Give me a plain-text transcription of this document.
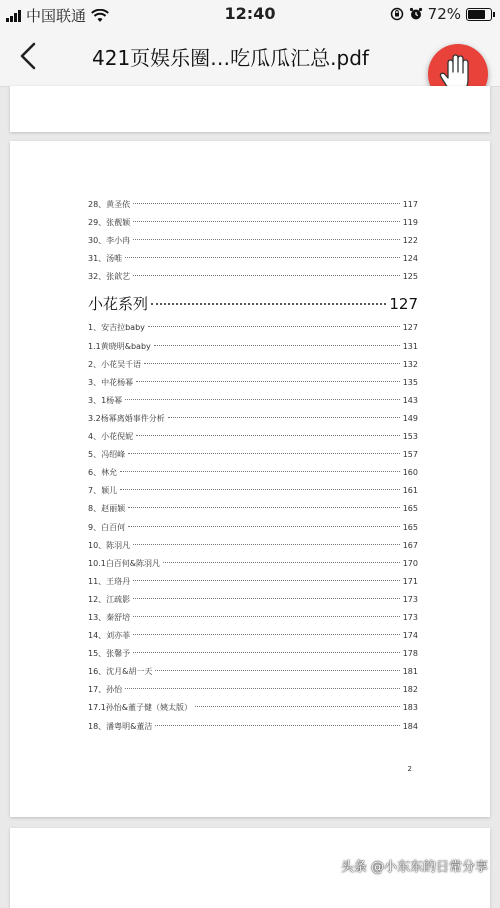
中国联通	12:40	72%
421页娱乐圈…吃瓜瓜汇总.pdf
28、黄圣依	117
29、张靓颖	119
30、李小冉	122
31、汤唯	124
32、张歆艺	125
小花系列	127
1、安吉拉baby	127
1.1黄晓明&baby	131
2、小花吴千语	132
3、中花杨幂	135
3、1杨幂	143
3.2杨幂离婚事件分析	149
4、小花倪妮	153
5、冯绍峰	157
6、林允	160
7、颖儿	161
8、赵丽颖	165
9、白百何	165
10、陈羽凡	167
10.1白百何&陈羽凡	170
11、王珞丹	171
12、江疏影	173
13、秦舒培	173
14、刘亦菲	174
15、张馨予	178
16、沈月&胡一天	181
17、孙怡	182
17.1孙怡&董子健（姨太版）	183
18、潘粤明&董洁	184
2
头条 @小东东的日常分享
